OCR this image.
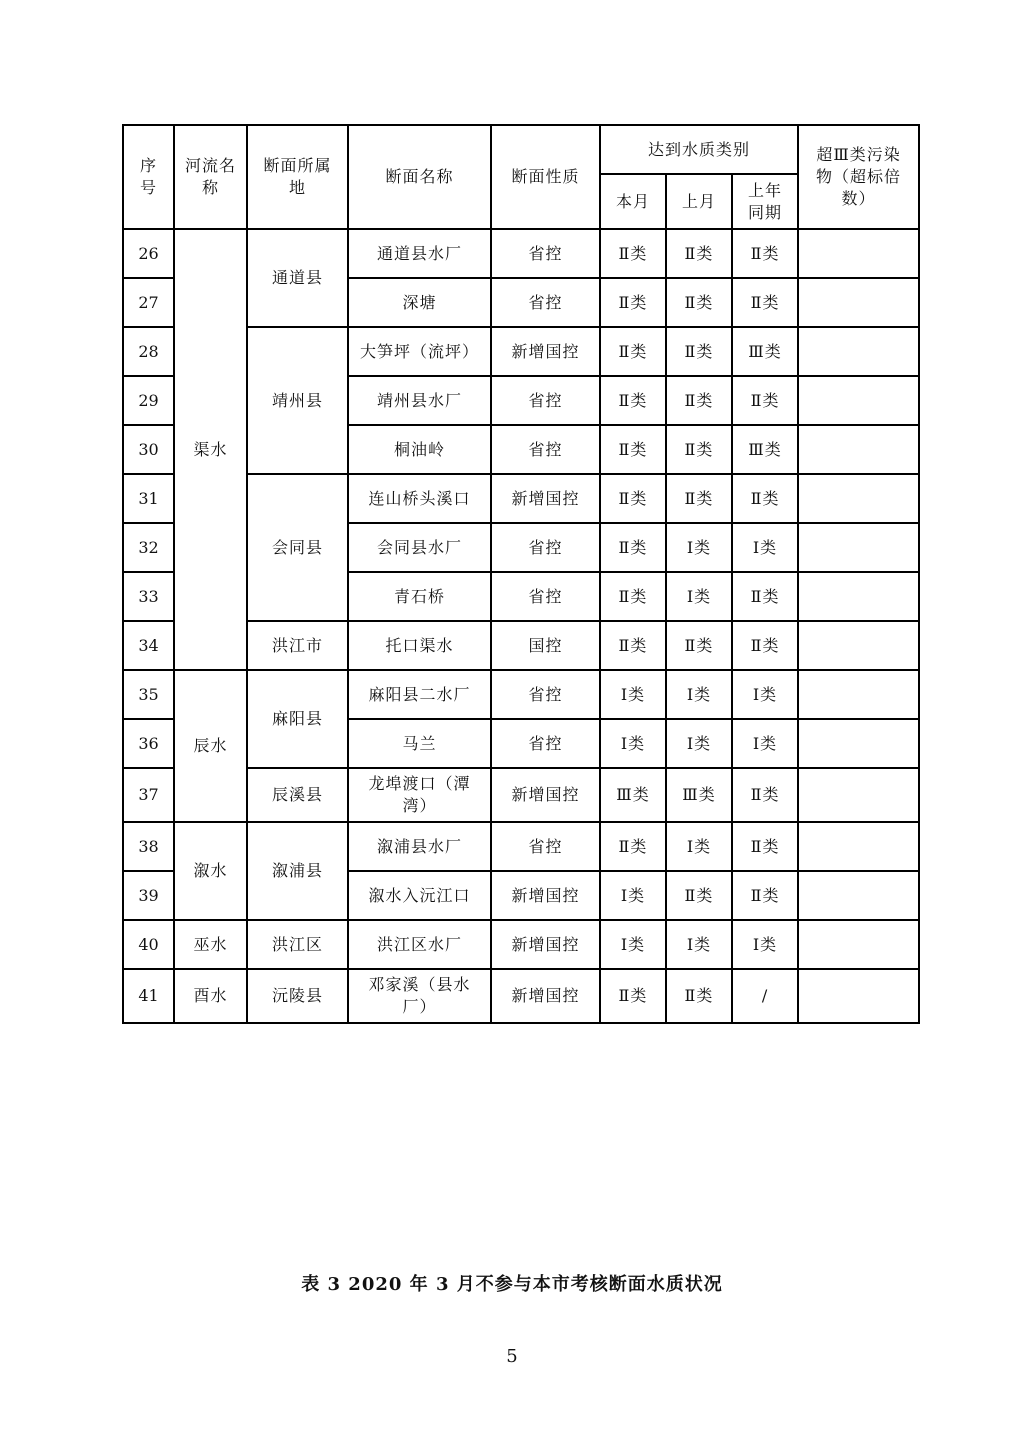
序号	河流名称	断面所属地	断面名称	断面性质	达到水质类别			超Ⅲ类污染物（超标倍数）
					本月	上月	上年同期	
26	渠水	通道县	通道县水厂	省控	Ⅱ类	Ⅱ类	Ⅱ类	
27			深塘	省控	Ⅱ类	Ⅱ类	Ⅱ类	
28		靖州县	大笋坪（流坪）	新增国控	Ⅱ类	Ⅱ类	Ⅲ类	
29			靖州县水厂	省控	Ⅱ类	Ⅱ类	Ⅱ类	
30			桐油岭	省控	Ⅱ类	Ⅱ类	Ⅲ类	
31		会同县	连山桥头溪口	新增国控	Ⅱ类	Ⅱ类	Ⅱ类	
32			会同县水厂	省控	Ⅱ类	Ⅰ类	Ⅰ类	
33			青石桥	省控	Ⅱ类	Ⅰ类	Ⅱ类	
34		洪江市	托口渠水	国控	Ⅱ类	Ⅱ类	Ⅱ类	
35	辰水	麻阳县	麻阳县二水厂	省控	Ⅰ类	Ⅰ类	Ⅰ类	
36			马兰	省控	Ⅰ类	Ⅰ类	Ⅰ类	
37		辰溪县	龙埠渡口（潭湾）	新增国控	Ⅲ类	Ⅲ类	Ⅱ类	
38	溆水	溆浦县	溆浦县水厂	省控	Ⅱ类	Ⅰ类	Ⅱ类	
39			溆水入沅江口	新增国控	Ⅰ类	Ⅱ类	Ⅱ类	
40	巫水	洪江区	洪江区水厂	新增国控	Ⅰ类	Ⅰ类	Ⅰ类	
41	酉水	沅陵县	邓家溪（县水厂）	新增国控	Ⅱ类	Ⅱ类	/	
表 3 2020 年 3 月不参与本市考核断面水质状况
5
